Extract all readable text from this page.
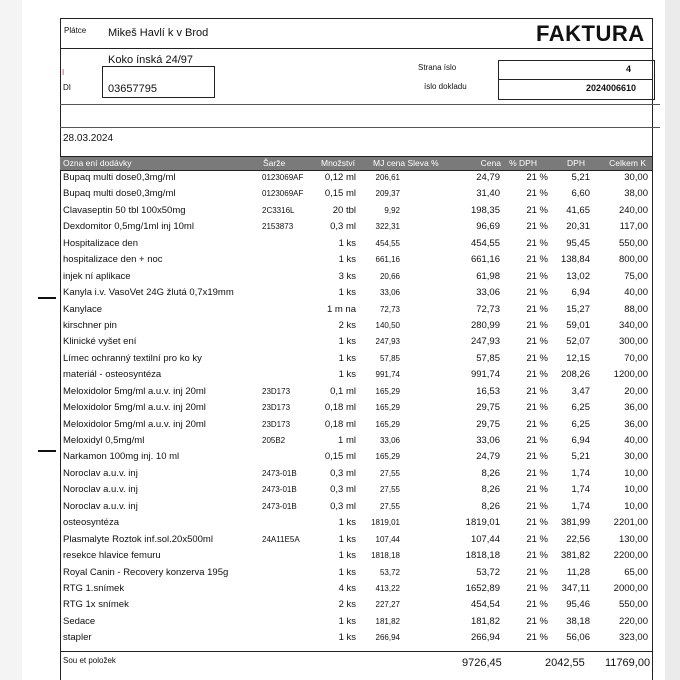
Plátce Mikeš Havlí k v Brod	FAKTURA
Koko ínská 24/97
I
DI	03657795
Strana íslo
íslo dokladu
4
2024006610
28.03.2024
Ozna ení dodávky	Šarže	Množství MJ cena Sleva %	Cena % DPH	DPH	Celkem K
Bupaq multi dose0,3mg/ml	0123069AF 0,12 ml 206,61	24,79	21 % 5,21	30,00
Bupaq multi dose0,3mg/ml	0123069AF 0,15 ml 209,37	31,40	21 % 6,60	38,00
Clavaseptin 50 tbl 100x50mg	2C3316L	20 tbl	9,92	198,35	21 % 41,65	240,00
Dexdomitor 0,5mg/1ml inj 10ml	2153873	0,3 ml 322,31	96,69	21 % 20,31	117,00
Hospitalizace den	1 ks 454,55	454,55	21 % 95,45	550,00
hospitalizace den + noc	1 ks 661,16	661,16	21 % 138,84	800,00
injek ní aplikace	3 ks	20,66	61,98	21 % 13,02	75,00
Kanyla i.v. VasoVet 24G žlutá 0,7x19mm	1 ks	33,06	33,06	21 % 6,94	40,00
Kanylace	1 m na	72,73	72,73	21 % 15,27	88,00
kirschner pin	2 ks 140,50	280,99	21 % 59,01	340,00
Klinické vyšet ení	1 ks 247,93	247,93	21 % 52,07	300,00
Límec ochranný textilní pro ko ky	1 ks	57,85	57,85	21 % 12,15	70,00
materiál - osteosyntéza	1 ks 991,74	991,74	21 % 208,26 1200,00
Meloxidolor 5mg/ml a.u.v. inj 20ml	23D173	0,1 ml 165,29	16,53	21 % 3,47	20,00
Meloxidolor 5mg/ml a.u.v. inj 20ml	23D173	0,18 ml 165,29	29,75	21 % 6,25	36,00
Meloxidolor 5mg/ml a.u.v. inj 20ml	23D173	0,18 ml 165,29	29,75	21 % 6,25	36,00
Meloxidyl 0,5mg/ml	205B2	1 ml	33,06	33,06	21 % 6,94	40,00
Narkamon 100mg inj. 10 ml	0,15 ml 165,29	24,79	21 % 5,21	30,00
Noroclav a.u.v. inj	2473-01B	0,3 ml	27,55	8,26	21 % 1,74	10,00
Noroclav a.u.v. inj	2473-01B	0,3 ml	27,55	8,26	21 % 1,74	10,00
Noroclav a.u.v. inj	2473-01B	0,3 ml	27,55	8,26	21 % 1,74	10,00
osteosyntéza	1 ks 1819,01	1819,01	21 % 381,99 2201,00
Plasmalyte Roztok inf.sol.20x500ml	24A11E5A	1 ks 107,44	107,44	21 % 22,56	130,00
resekce hlavice femuru	1 ks 1818,18	1818,18	21 % 381,82 2200,00
Royal Canin - Recovery konzerva 195g	1 ks	53,72	53,72	21 % 11,28	65,00
RTG 1.snímek	4 ks 413,22	1652,89	21 % 347,11 2000,00
RTG 1x snímek	2 ks 227,27	454,54	21 % 95,46	550,00
Sedace	1 ks 181,82	181,82	21 % 38,18	220,00
stapler	1 ks 266,94	266,94	21 % 56,06	323,00
Sou et položek	9726,45	2042,55 11769,00
